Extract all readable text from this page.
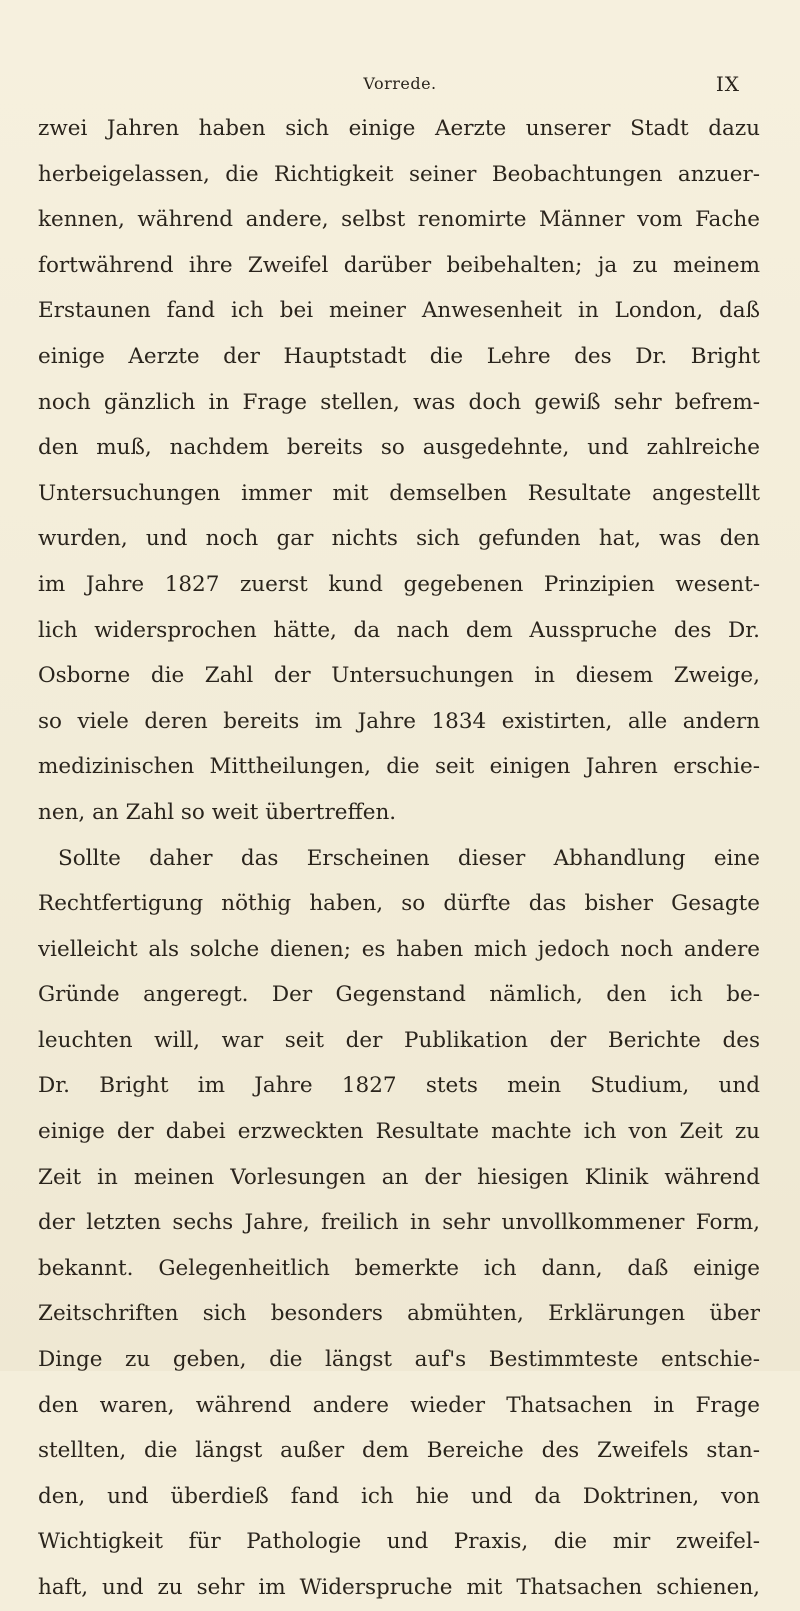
Vorrede.	IX
zwei Jahren haben sich einige Aerzte unserer Stadt dazu
herbeigelassen, die Richtigkeit seiner Beobachtungen anzuer-
kennen, während andere, selbst renomirte Männer vom Fache
fortwährend ihre Zweifel darüber beibehalten; ja zu meinem
Erstaunen fand ich bei meiner Anwesenheit in London, daß
einige Aerzte der Hauptstadt die Lehre des Dr. Bright
noch gänzlich in Frage stellen, was doch gewiß sehr befrem-
den muß, nachdem bereits so ausgedehnte, und zahlreiche
Untersuchungen immer mit demselben Resultate angestellt
wurden, und noch gar nichts sich gefunden hat, was den
im Jahre 1827 zuerst kund gegebenen Prinzipien wesent-
lich widersprochen hätte, da nach dem Ausspruche des Dr.
Osborne die Zahl der Untersuchungen in diesem Zweige,
so viele deren bereits im Jahre 1834 existirten, alle andern
medizinischen Mittheilungen, die seit einigen Jahren erschie-
nen, an Zahl so weit übertreffen.
Sollte daher das Erscheinen dieser Abhandlung eine
Rechtfertigung nöthig haben, so dürfte das bisher Gesagte
vielleicht als solche dienen; es haben mich jedoch noch andere
Gründe angeregt. Der Gegenstand nämlich, den ich be-
leuchten will, war seit der Publikation der Berichte des
Dr. Bright im Jahre 1827 stets mein Studium, und
einige der dabei erzweckten Resultate machte ich von Zeit zu
Zeit in meinen Vorlesungen an der hiesigen Klinik während
der letzten sechs Jahre, freilich in sehr unvollkommener Form,
bekannt. Gelegenheitlich bemerkte ich dann, daß einige
Zeitschriften sich besonders abmühten, Erklärungen über
Dinge zu geben, die längst auf's Bestimmteste entschie-
den waren, während andere wieder Thatsachen in Frage
stellten, die längst außer dem Bereiche des Zweifels stan-
den, und überdieß fand ich hie und da Doktrinen, von
Wichtigkeit für Pathologie und Praxis, die mir zweifel-
haft, und zu sehr im Widerspruche mit Thatsachen schienen,
